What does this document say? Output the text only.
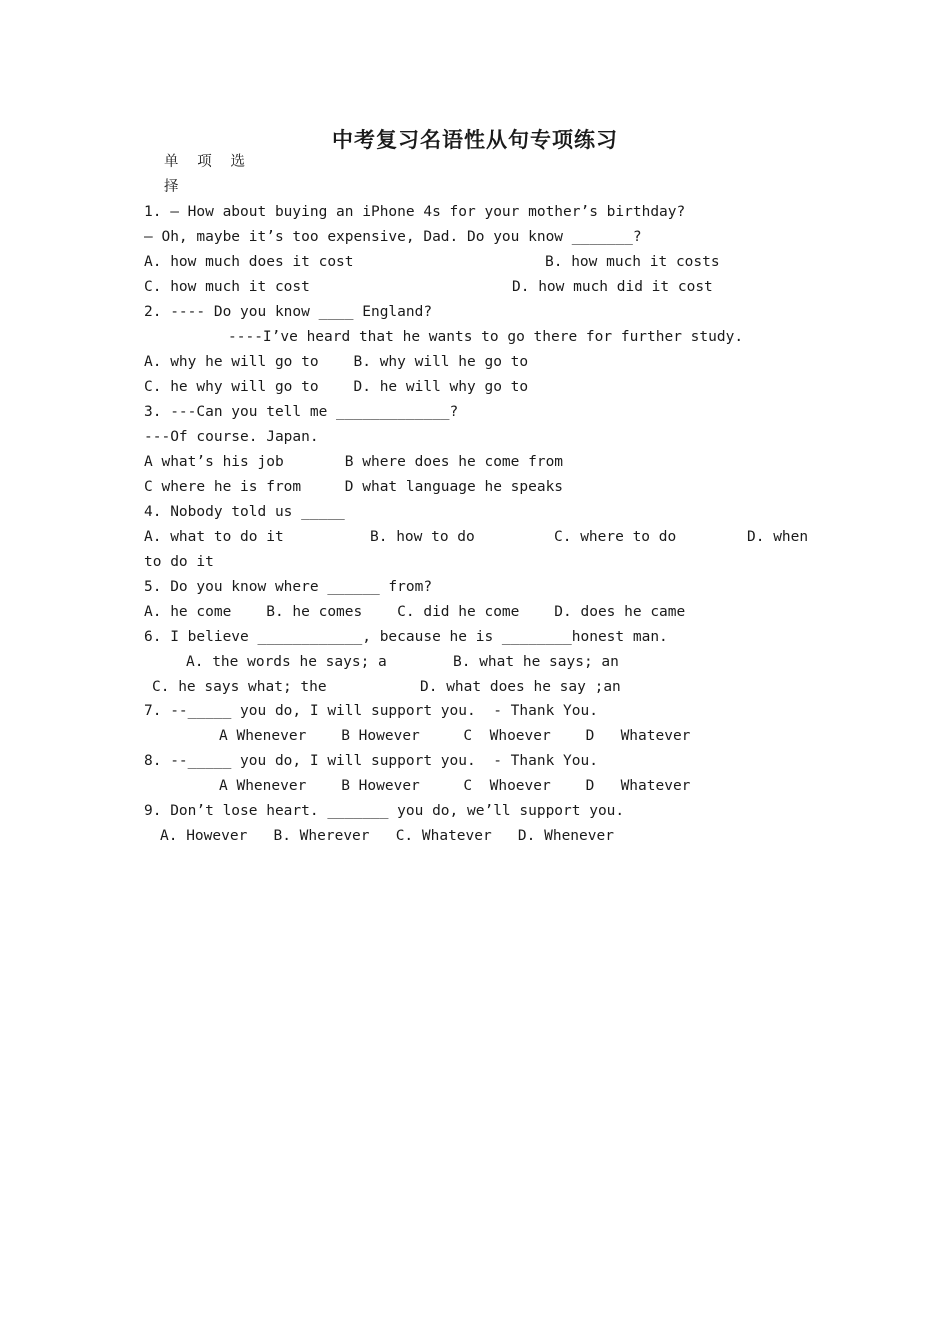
中考复习名语性从句专项练习
单 项 选
择
1. — How about buying an iPhone 4s for your mother’s birthday?
— Oh, maybe it’s too expensive, Dad. Do you know _______?
A. how much does it cost	B. how much it costs
C. how much it cost	D. how much did it cost
2. ---- Do you know ____ England?
----I’ve heard that he wants to go there for further study.
A. why he will go to    B. why will he go to
C. he why will go to    D. he will why go to
3. ---Can you tell me _____________?
---Of course. Japan.
A what’s his job       B where does he come from
C where he is from     D what language he speaks
4. Nobody told us _____
A. what to do it	B. how to do	C. where to do	D. when
to do it
5. Do you know where ______ from?
A. he come    B. he comes    C. did he come    D. does he came
6. I believe ____________, because he is ________honest man.
A. the words he says; a	B. what he says; an
C. he says what; the	D. what does he say ;an
7. --_____ you do, I will support you.  - Thank You.
A Whenever    B However     C  Whoever    D   Whatever
8. --_____ you do, I will support you.  - Thank You.
A Whenever    B However     C  Whoever    D   Whatever
9. Don’t lose heart. _______ you do, we’ll support you.
A. However   B. Wherever   C. Whatever   D. Whenever
